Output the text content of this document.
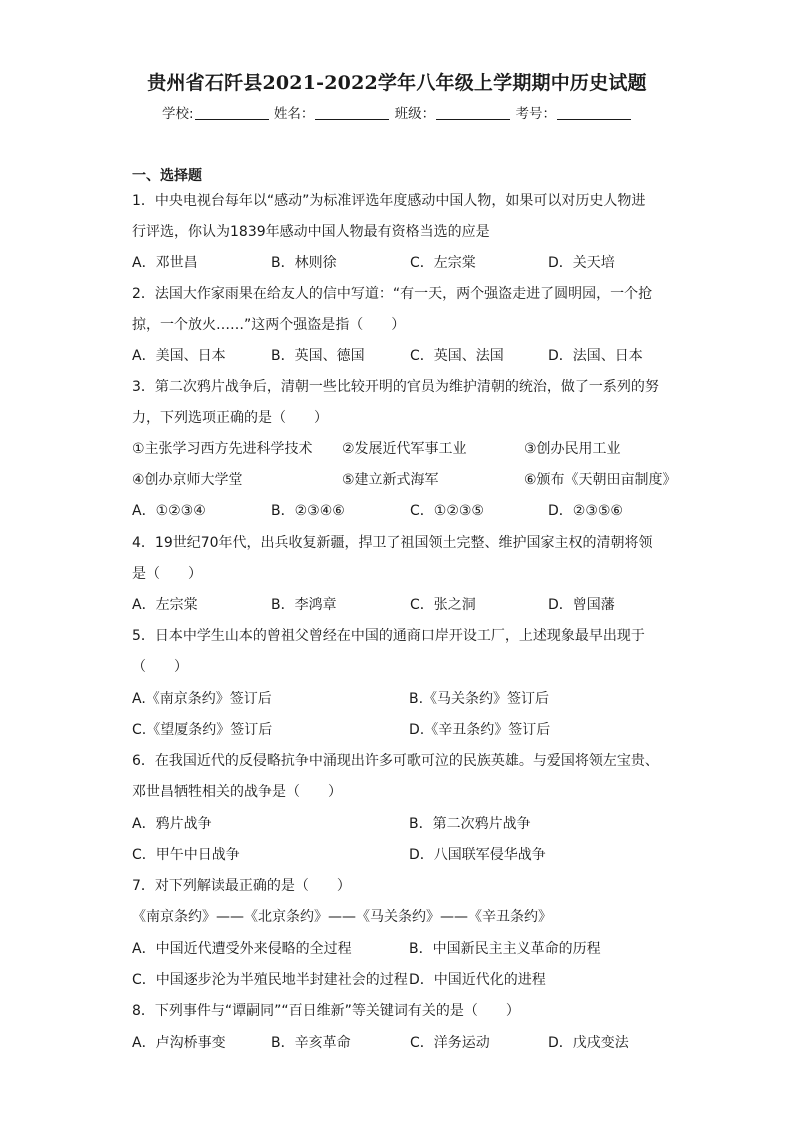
贵州省石阡县2021-2022学年八年级上学期期中历史试题
学校:	姓名：	班级：	考号：
一、选择题
1．中央电视台每年以“感动”为标准评选年度感动中国人物，如果可以对历史人物进
行评选，你认为1839年感动中国人物最有资格当选的应是
A．邓世昌	B．林则徐	C．左宗棠	D．关天培
2．法国大作家雨果在给友人的信中写道：“有一天，两个强盗走进了圆明园，一个抢
掠，一个放火……”这两个强盗是指（　　）
A．美国、日本	B．英国、德国	C．英国、法国	D．法国、日本
3．第二次鸦片战争后，清朝一些比较开明的官员为维护清朝的统治，做了一系列的努
力，下列选项正确的是（　　）
①主张学习西方先进科学技术 ②发展近代军事工业	③创办民用工业
④创办京师大学堂	⑤建立新式海军	⑥颁布《天朝田亩制度》
A．①②③④	B．②③④⑥	C．①②③⑤	D．②③⑤⑥
4．19世纪70年代，出兵收复新疆，捍卫了祖国领土完整、维护国家主权的清朝将领
是（　　）
A．左宗棠	B．李鸿章	C．张之洞	D．曾国藩
5．日本中学生山本的曾祖父曾经在中国的通商口岸开设工厂，上述现象最早出现于
（　　）
A.《南京条约》签订后	B.《马关条约》签订后
C.《望厦条约》签订后	D.《辛丑条约》签订后
6．在我国近代的反侵略抗争中涌现出许多可歌可泣的民族英雄。与爱国将领左宝贵、
邓世昌牺牲相关的战争是（　　）
A．鸦片战争	B．第二次鸦片战争
C．甲午中日战争	D．八国联军侵华战争
7．对下列解读最正确的是（　　）
《南京条约》——《北京条约》——《马关条约》——《辛丑条约》
A．中国近代遭受外来侵略的全过程	B．中国新民主主义革命的历程
C．中国逐步沦为半殖民地半封建社会的过程 D．中国近代化的进程
8．下列事件与“谭嗣同”“百日维新”等关键词有关的是（　　）
A．卢沟桥事变	B．辛亥革命	C．洋务运动	D．戊戌变法
